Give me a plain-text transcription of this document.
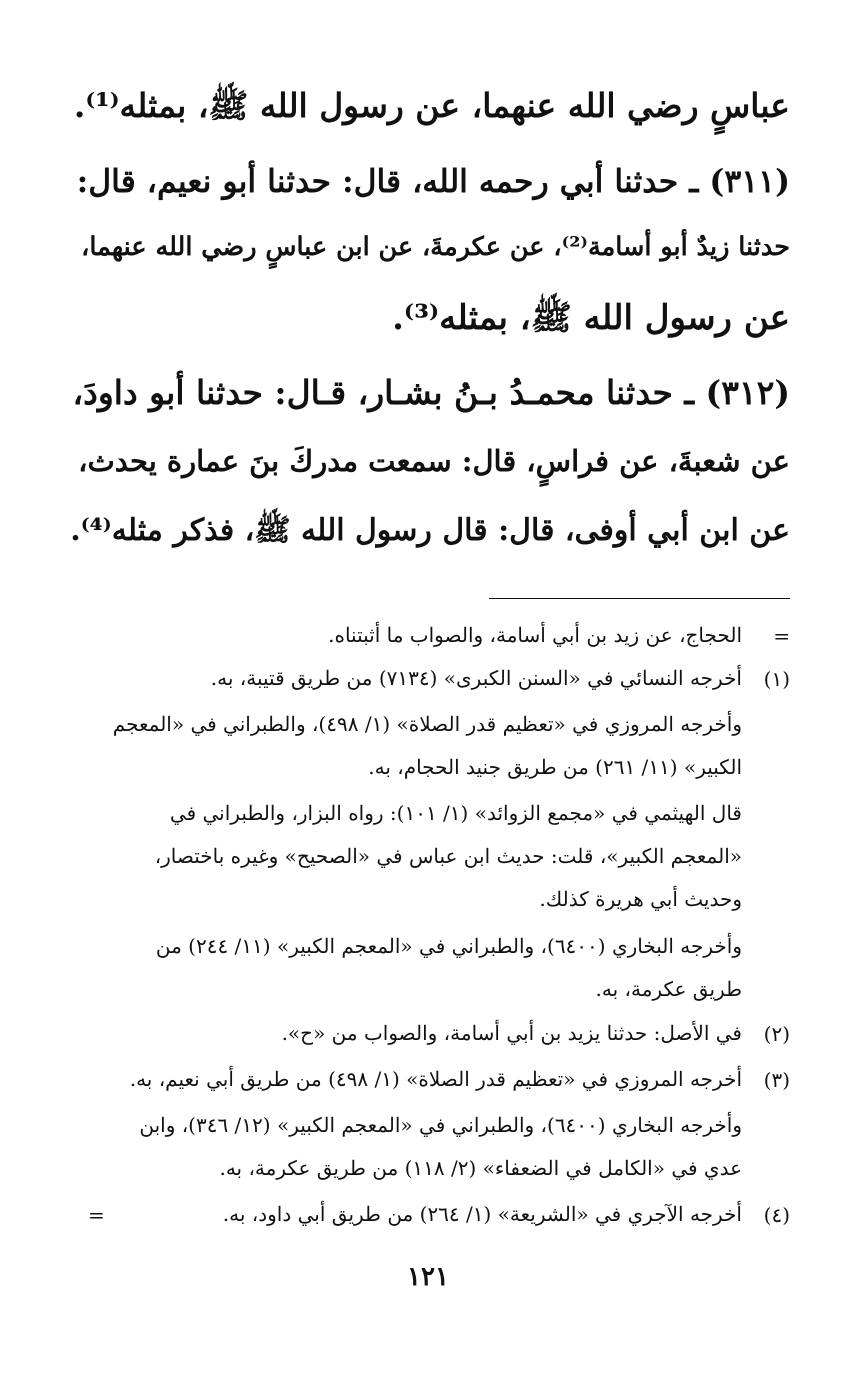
عباسٍ رضي الله عنهما، عن رسول الله ﷺ، بمثله⁽¹⁾.
(٣١١) ـ حدثنا أبي رحمه الله، قال: حدثنا أبو نعيم، قال:
حدثنا زيدٌ أبو أسامة⁽²⁾، عن عكرمةَ، عن ابن عباسٍ رضي الله عنهما،
عن رسول الله ﷺ، بمثله⁽³⁾.
(٣١٢) ـ حدثنا محمـدُ بـنُ بشـار، قـال: حدثنا أبو داودَ،
عن شعبةَ، عن فراسٍ، قال: سمعت مدركَ بنَ عمارة يحدث،
عن ابن أبي أوفى، قال: قال رسول الله ﷺ، فذكر مثله⁽⁴⁾.
=
الحجاج، عن زيد بن أبي أسامة، والصواب ما أثبتناه.
(١)
أخرجه النسائي في «السنن الكبرى» (٧١٣٤) من طريق قتيبة، به.
وأخرجه المروزي في «تعظيم قدر الصلاة» (١/ ٤٩٨)، والطبراني في «المعجم
الكبير» (١١/ ٢٦١) من طريق جنيد الحجام، به.
قال الهيثمي في «مجمع الزوائد» (١/ ١٠١): رواه البزار، والطبراني في
«المعجم الكبير»، قلت: حديث ابن عباس في «الصحيح» وغيره باختصار،
وحديث أبي هريرة كذلك.
وأخرجه البخاري (٦٤٠٠)، والطبراني في «المعجم الكبير» (١١/ ٢٤٤) من
طريق عكرمة، به.
(٢)
في الأصل: حدثنا يزيد بن أبي أسامة، والصواب من «ح».
(٣)
أخرجه المروزي في «تعظيم قدر الصلاة» (١/ ٤٩٨) من طريق أبي نعيم، به.
وأخرجه البخاري (٦٤٠٠)، والطبراني في «المعجم الكبير» (١٢/ ٣٤٦)، وابن
عدي في «الكامل في الضعفاء» (٢/ ١١٨) من طريق عكرمة، به.
(٤)
أخرجه الآجري في «الشريعة» (١/ ٢٦٤) من طريق أبي داود، به.
=
١٢١
